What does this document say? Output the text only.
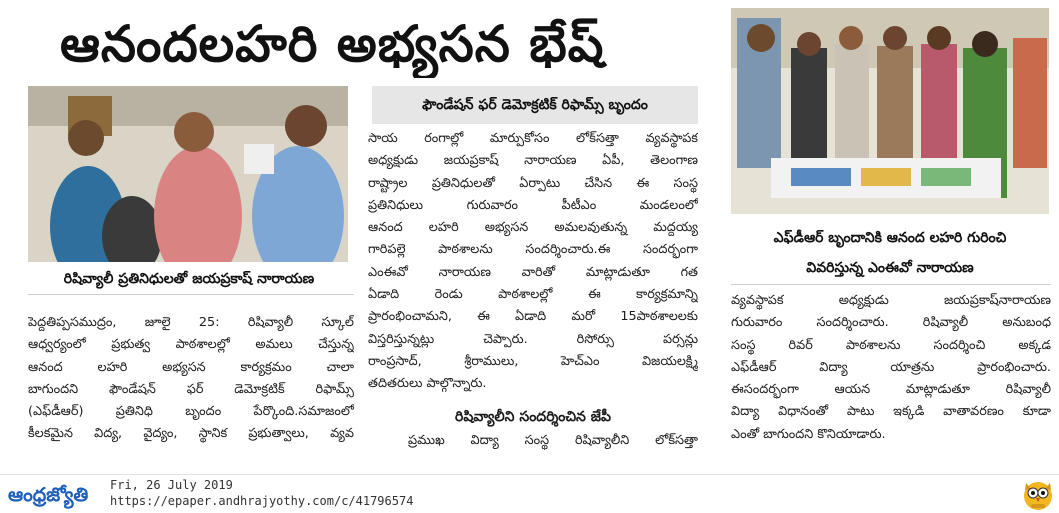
ఆనందలహరి అభ్యసన భేష్
రిషివ్యాలీ ప్రతినిధులతో జయప్రకాష్ నారాయణ
ఎఫ్‌డీఆర్ బృందానికి ఆనంద లహరి గురించి
వివరిస్తున్న ఎంఈవో నారాయణ
ఫౌండేషన్ ఫర్ డెమోక్రటిక్ రిఫామ్స్ బృందం
పెద్దతిప్పసముద్రం, జూలై 25: రిషివ్యాలీ స్కూల్
ఆధ్వర్యంలో ప్రభుత్వ పాఠశాలల్లో అమలు చేస్తున్న
ఆనంద లహరి అభ్యసన కార్యక్రమం చాలా
బాగుందని ఫౌండేషన్ ఫర్ డెమోక్రటిక్ రిఫామ్స్
(ఎఫ్‌డీఆర్) ప్రతినిధి బృందం పేర్కొంది.సమాజంలో
కీలకమైన విద్య, వైద్యం, స్థానిక ప్రభుత్వాలు, వ్యవ
సాయ రంగాల్లో మార్పుకోసం లోక్‌సత్తా వ్యవస్థాపక
అధ్యక్షుడు జయప్రకాష్ నారాయణ ఏపీ, తెలంగాణ
రాష్ట్రాల ప్రతినిధులతో ఏర్పాటు చేసిన ఈ సంస్థ
ప్రతినిధులు గురువారం పీటీఎం మండలంలో
ఆనంద లహరి అభ్యసన అమలవుతున్న మద్దయ్య
గారిపల్లె పాఠశాలను సందర్శించారు.ఈ సందర్భంగా
ఎంఈవో నారాయణ వారితో మాట్లాడుతూ గత
ఏడాది రెండు పాఠశాలల్లో ఈ కార్యక్రమాన్ని
ప్రారంభించామని, ఈ ఏడాది మరో 15పాఠశాలలకు
విస్తరిస్తున్నట్లు చెప్పారు. రిసోర్సు పర్సన్లు
రాంప్రసాద్, శ్రీరాములు, హెచ్‌ఎం విజయలక్ష్మి
తదితరులు పాల్గొన్నారు.
రిషివ్యాలీని సందర్శించిన జేపీ
ప్రముఖ విద్యా సంస్థ రిషివ్యాలీని లోక్‌సత్తా
వ్యవస్థాపక అధ్యక్షుడు జయప్రకాష్‌నారాయణ
గురువారం సందర్శించారు. రిషివ్యాలీ అనుబంధ
సంస్థ రివర్ పాఠశాలను సందర్శించి అక్కడ
ఎఫ్‌డీఆర్ విద్యా యాత్రను ప్రారంభించారు.
ఈసందర్భంగా ఆయన మాట్లాడుతూ రిషివ్యాలీ
విద్యా విధానంతో పాటు ఇక్కడి వాతావరణం కూడా
ఎంతో బాగుందని కొనియాడారు.
ఆంధ్రజ్యోతి	Fri, 26 July 2019
https://epaper.andhrajyothy.com/c/41796574
